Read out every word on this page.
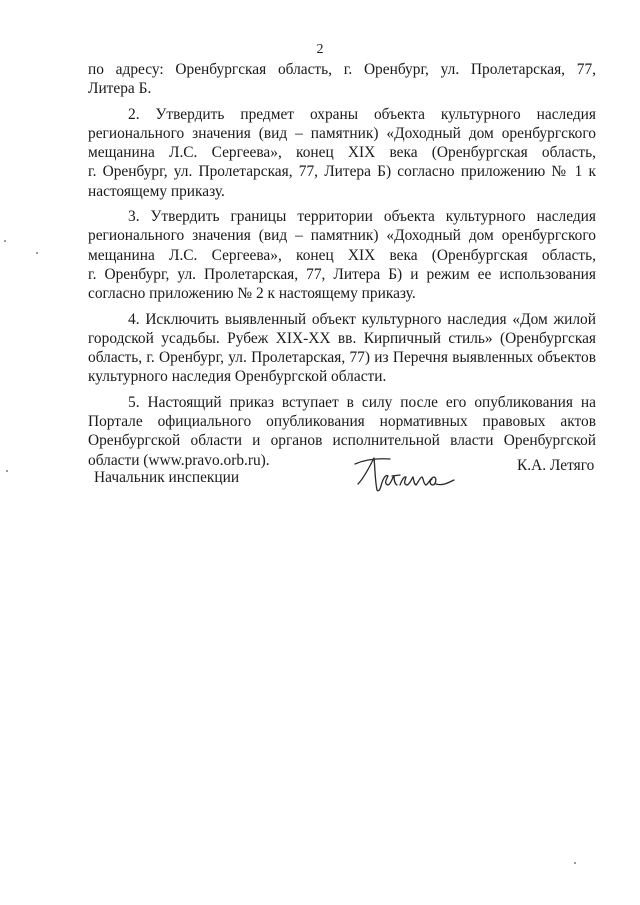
2
по адресу: Оренбургская область, г. Оренбург, ул. Пролетарская, 77,
Литера Б.
2. Утвердить предмет охраны объекта культурного наследия
регионального значения (вид – памятник) «Доходный дом оренбургского
мещанина Л.С. Сергеева», конец XIX века (Оренбургская область,
г. Оренбург, ул. Пролетарская, 77, Литера Б) согласно приложению № 1 к
настоящему приказу.
3. Утвердить границы территории объекта культурного наследия
регионального значения (вид – памятник) «Доходный дом оренбургского
мещанина Л.С. Сергеева», конец XIX века (Оренбургская область,
г. Оренбург, ул. Пролетарская, 77, Литера Б) и режим ее использования
согласно приложению № 2 к настоящему приказу.
4. Исключить выявленный объект культурного наследия «Дом жилой
городской усадьбы. Рубеж XIX-XX вв. Кирпичный стиль» (Оренбургская
область, г. Оренбург, ул. Пролетарская, 77) из Перечня выявленных объектов
культурного наследия Оренбургской области.
5. Настоящий приказ вступает в силу после его опубликования на
Портале официального опубликования нормативных правовых актов
Оренбургской области и органов исполнительной власти Оренбургской
области (www.pravo.orb.ru).
Начальник инспекции
К.А. Летяго
